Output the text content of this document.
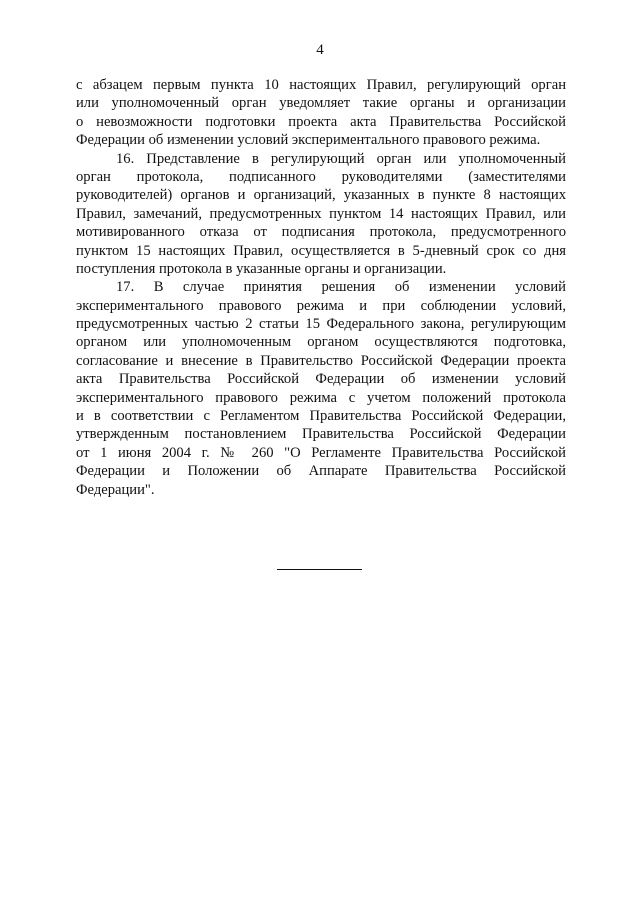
4
с абзацем первым пункта 10 настоящих Правил, регулирующий орган
или уполномоченный орган уведомляет такие органы и организации
о невозможности подготовки проекта акта Правительства Российской
Федерации об изменении условий экспериментального правового режима.
16. Представление в регулирующий орган или уполномоченный
орган протокола, подписанного руководителями (заместителями
руководителей) органов и организаций, указанных в пункте 8 настоящих
Правил, замечаний, предусмотренных пунктом 14 настоящих Правил, или
мотивированного отказа от подписания протокола, предусмотренного
пунктом 15 настоящих Правил, осуществляется в 5-дневный срок со дня
поступления протокола в указанные органы и организации.
17. В случае принятия решения об изменении условий
экспериментального правового режима и при соблюдении условий,
предусмотренных частью 2 статьи 15 Федерального закона, регулирующим
органом или уполномоченным органом осуществляются подготовка,
согласование и внесение в Правительство Российской Федерации проекта
акта Правительства Российской Федерации об изменении условий
экспериментального правового режима с учетом положений протокола
и в соответствии с Регламентом Правительства Российской Федерации,
утвержденным постановлением Правительства Российской Федерации
от 1 июня 2004 г. № 260 "О Регламенте Правительства Российской
Федерации и Положении об Аппарате Правительства Российской
Федерации".
